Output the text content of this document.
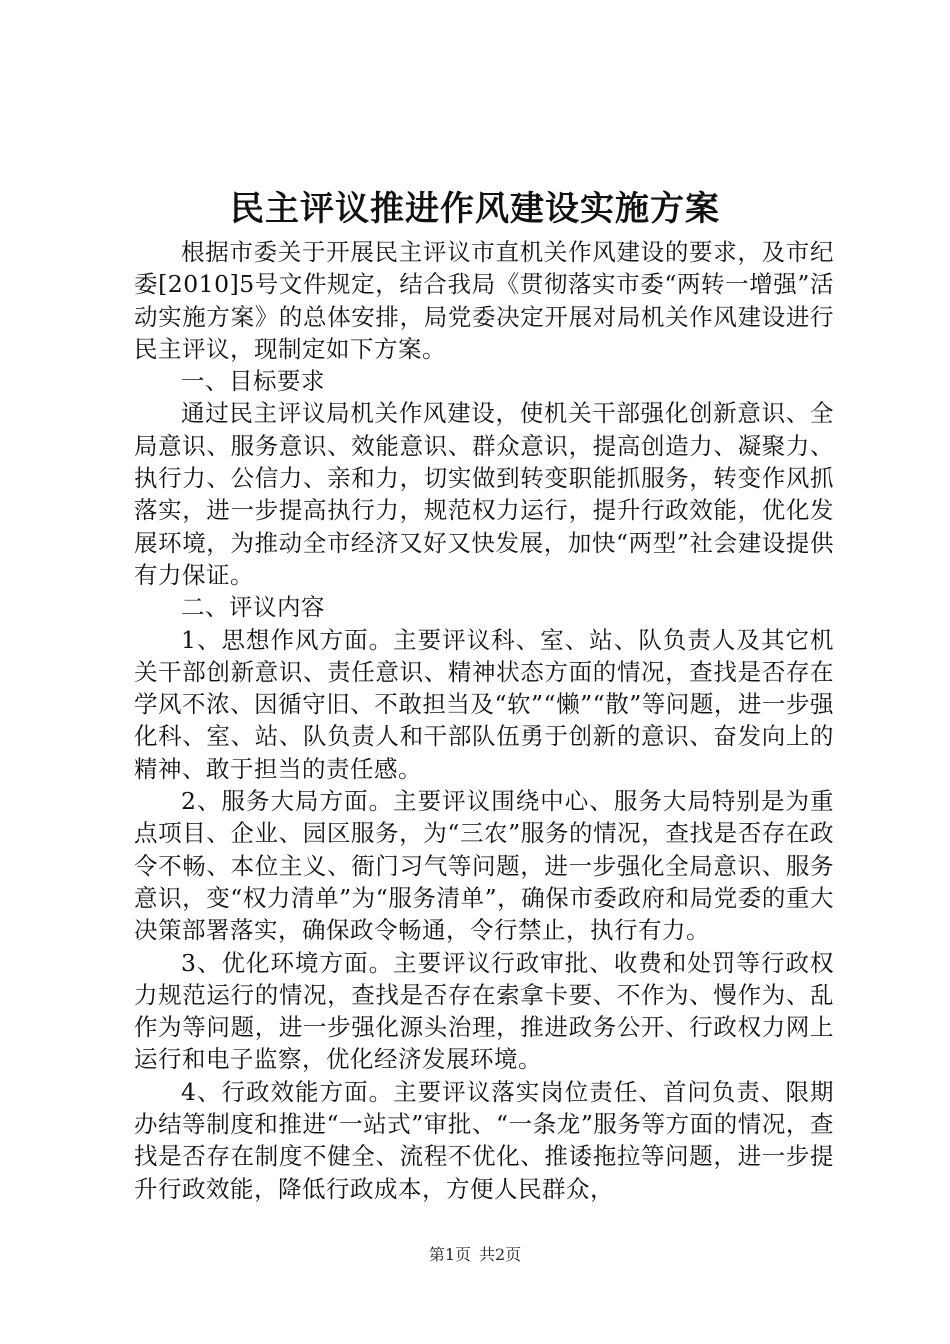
民主评议推进作风建设实施方案

根据市委关于开展民主评议市直机关作风建设的要求，及市纪委[2010]5号文件规定，结合我局《贯彻落实市委“两转一增强”活动实施方案》的总体安排，局党委决定开展对局机关作风建设进行民主评议，现制定如下方案。

一、目标要求

通过民主评议局机关作风建设，使机关干部强化创新意识、全局意识、服务意识、效能意识、群众意识，提高创造力、凝聚力、执行力、公信力、亲和力，切实做到转变职能抓服务，转变作风抓落实，进一步提高执行力，规范权力运行，提升行政效能，优化发展环境，为推动全市经济又好又快发展，加快“两型”社会建设提供有力保证。

二、评议内容

1、思想作风方面。主要评议科、室、站、队负责人及其它机关干部创新意识、责任意识、精神状态方面的情况，查找是否存在学风不浓、因循守旧、不敢担当及“软”“懒”“散”等问题，进一步强化科、室、站、队负责人和干部队伍勇于创新的意识、奋发向上的精神、敢于担当的责任感。

2、服务大局方面。主要评议围绕中心、服务大局特别是为重点项目、企业、园区服务，为“三农”服务的情况，查找是否存在政令不畅、本位主义、衙门习气等问题，进一步强化全局意识、服务意识，变“权力清单”为“服务清单”，确保市委政府和局党委的重大决策部署落实，确保政令畅通，令行禁止，执行有力。

3、优化环境方面。主要评议行政审批、收费和处罚等行政权力规范运行的情况，查找是否存在索拿卡要、不作为、慢作为、乱作为等问题，进一步强化源头治理，推进政务公开、行政权力网上运行和电子监察，优化经济发展环境。

4、行政效能方面。主要评议落实岗位责任、首问负责、限期办结等制度和推进“一站式”审批、“一条龙”服务等方面的情况，查找是否存在制度不健全、流程不优化、推诿拖拉等问题，进一步提升行政效能，降低行政成本，方便人民群众，

第1页 共2页
